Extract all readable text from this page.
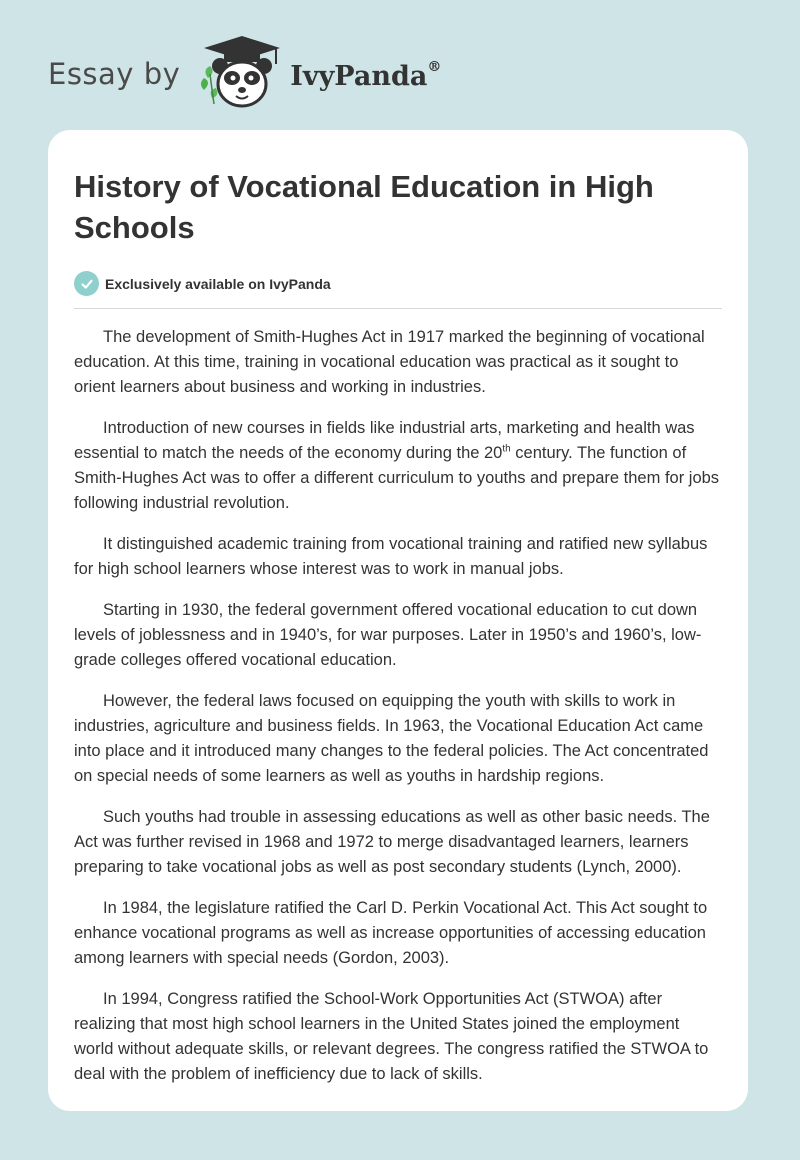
Essay by	IvyPanda®
History of Vocational Education in High Schools
Exclusively available on IvyPanda

The development of Smith-Hughes Act in 1917 marked the beginning of vocational education. At this time, training in vocational education was practical as it sought to orient learners about business and working in industries.

Introduction of new courses in fields like industrial arts, marketing and health was essential to match the needs of the economy during the 20th century. The function of Smith-Hughes Act was to offer a different curriculum to youths and prepare them for jobs following industrial revolution.

It distinguished academic training from vocational training and ratified new syllabus for high school learners whose interest was to work in manual jobs.

Starting in 1930, the federal government offered vocational education to cut down levels of joblessness and in 1940’s, for war purposes. Later in 1950’s and 1960’s, low-grade colleges offered vocational education.

However, the federal laws focused on equipping the youth with skills to work in industries, agriculture and business fields. In 1963, the Vocational Education Act came into place and it introduced many changes to the federal policies. The Act concentrated on special needs of some learners as well as youths in hardship regions.

Such youths had trouble in assessing educations as well as other basic needs. The Act was further revised in 1968 and 1972 to merge disadvantaged learners, learners preparing to take vocational jobs as well as post secondary students (Lynch, 2000).

In 1984, the legislature ratified the Carl D. Perkin Vocational Act. This Act sought to enhance vocational programs as well as increase opportunities of accessing education among learners with special needs (Gordon, 2003).

In 1994, Congress ratified the School-Work Opportunities Act (STWOA) after realizing that most high school learners in the United States joined the employment world without adequate skills, or relevant degrees. The congress ratified the STWOA to deal with the problem of inefficiency due to lack of skills.
